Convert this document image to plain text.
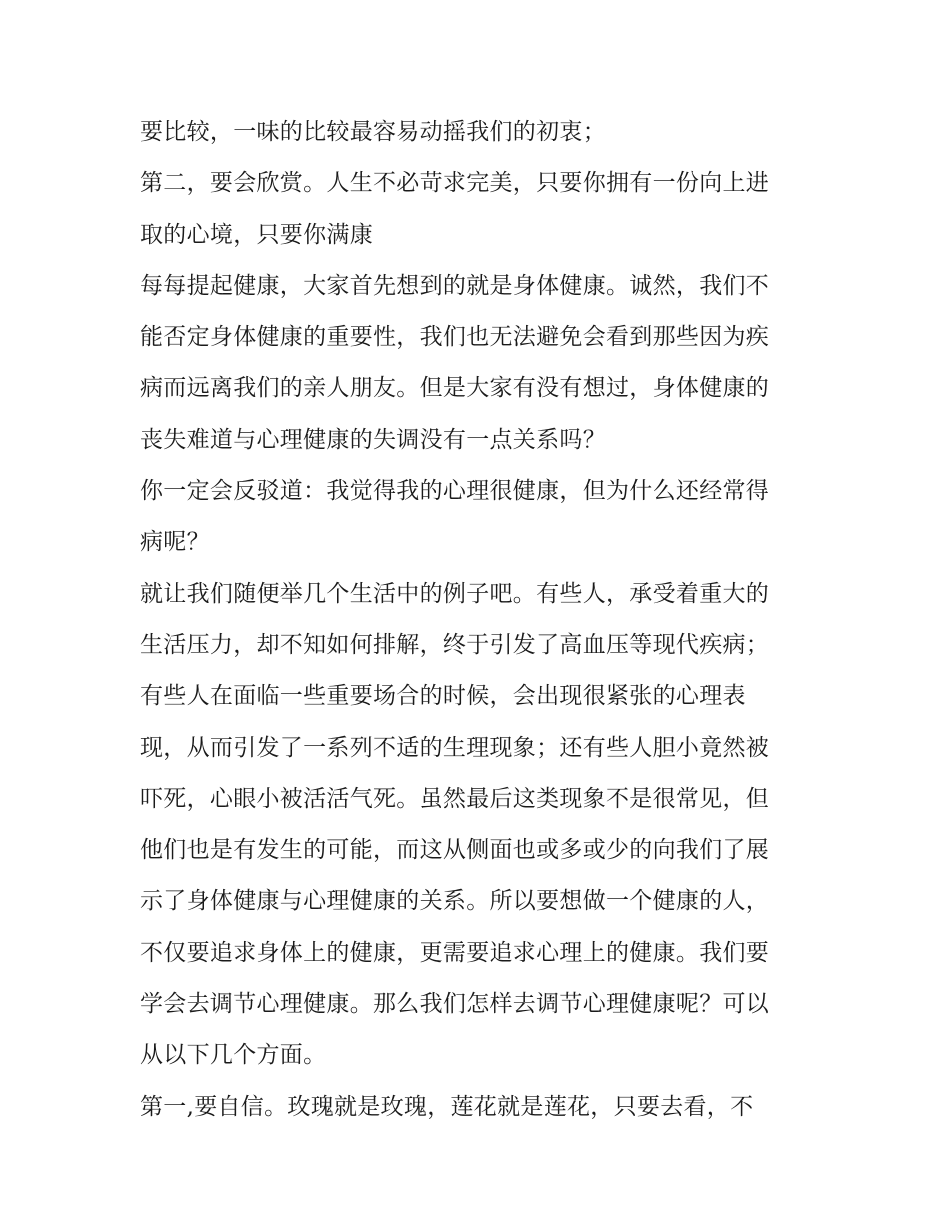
要比较，一味的比较最容易动摇我们的初衷；

第二，要会欣赏。人生不必苛求完美，只要你拥有一份向上进
取的心境，只要你满康

每每提起健康，大家首先想到的就是身体健康。诚然，我们不
能否定身体健康的重要性，我们也无法避免会看到那些因为疾
病而远离我们的亲人朋友。但是大家有没有想过，身体健康的
丧失难道与心理健康的失调没有一点关系吗？

你一定会反驳道：我觉得我的心理很健康，但为什么还经常得
病呢？

就让我们随便举几个生活中的例子吧。有些人，承受着重大的
生活压力，却不知如何排解，终于引发了高血压等现代疾病；
有些人在面临一些重要场合的时候，会出现很紧张的心理表
现，从而引发了一系列不适的生理现象；还有些人胆小竟然被
吓死，心眼小被活活气死。虽然最后这类现象不是很常见，但
他们也是有发生的可能，而这从侧面也或多或少的向我们了展
示了身体健康与心理健康的关系。所以要想做一个健康的人，
不仅要追求身体上的健康，更需要追求心理上的健康。我们要
学会去调节心理健康。那么我们怎样去调节心理健康呢？可以
从以下几个方面。

第一,要自信。玫瑰就是玫瑰，莲花就是莲花，只要去看，不
